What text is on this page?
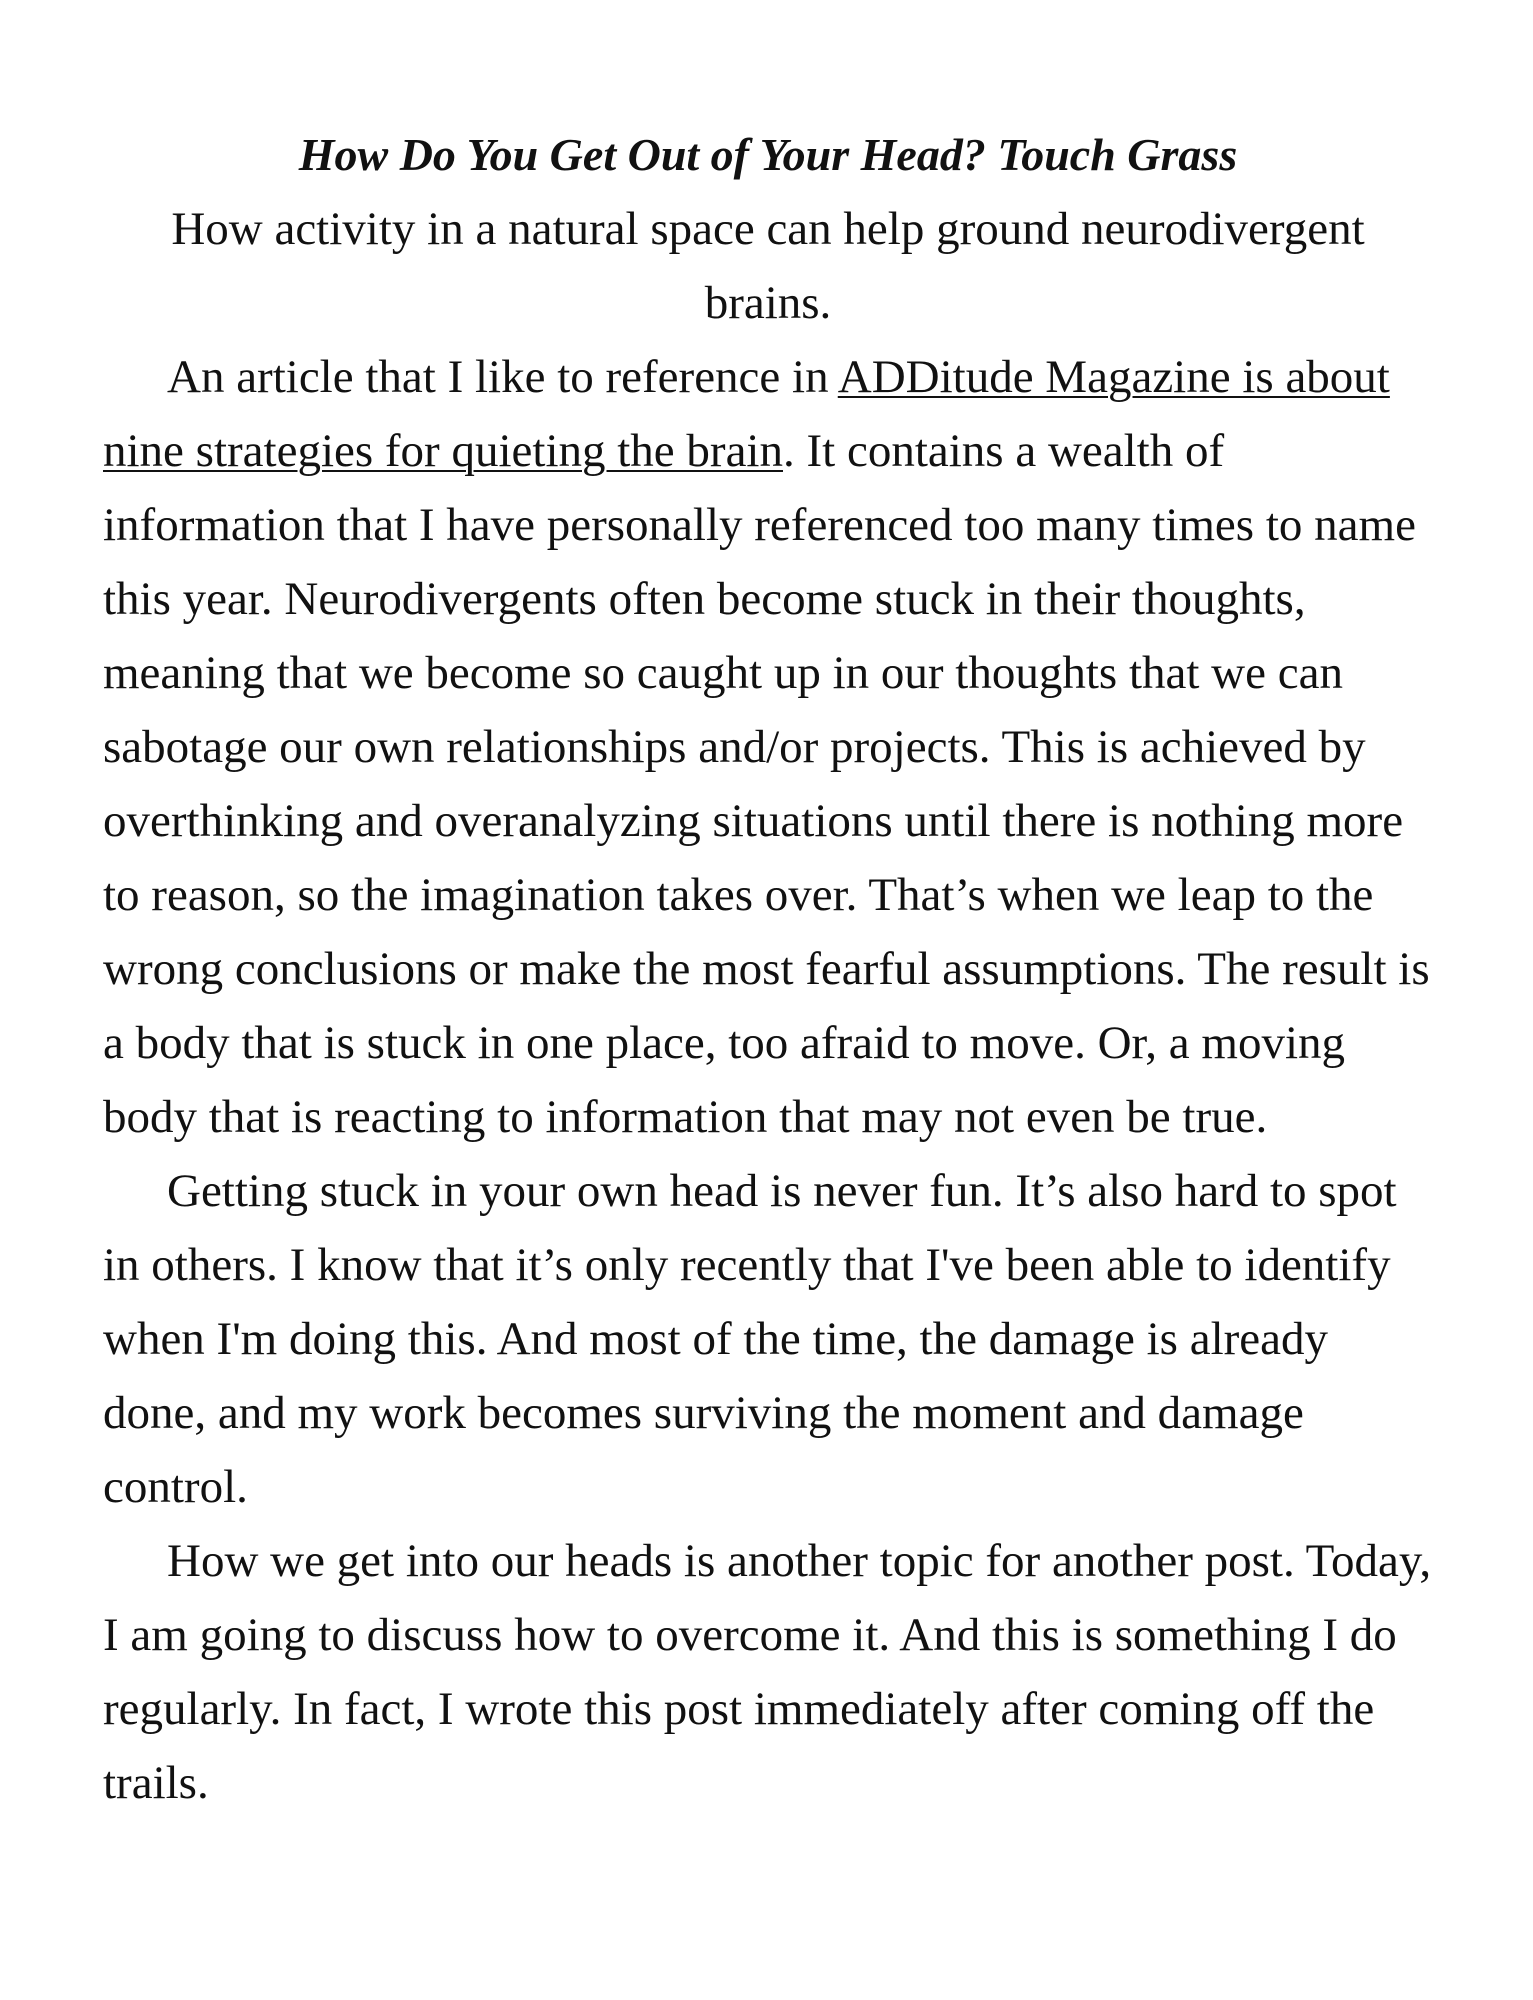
How Do You Get Out of Your Head? Touch Grass

How activity in a natural space can help ground neurodivergent brains.

An article that I like to reference in ADDitude Magazine is about nine strategies for quieting the brain. It contains a wealth of information that I have personally referenced too many times to name this year. Neurodivergents often become stuck in their thoughts, meaning that we become so caught up in our thoughts that we can sabotage our own relationships and/or projects. This is achieved by overthinking and overanalyzing situations until there is nothing more to reason, so the imagination takes over. That’s when we leap to the wrong conclusions or make the most fearful assumptions. The result is a body that is stuck in one place, too afraid to move. Or, a moving body that is reacting to information that may not even be true.

Getting stuck in your own head is never fun. It’s also hard to spot in others. I know that it’s only recently that I've been able to identify when I'm doing this. And most of the time, the damage is already done, and my work becomes surviving the moment and damage control.

How we get into our heads is another topic for another post. Today, I am going to discuss how to overcome it. And this is something I do regularly. In fact, I wrote this post immediately after coming off the trails.
